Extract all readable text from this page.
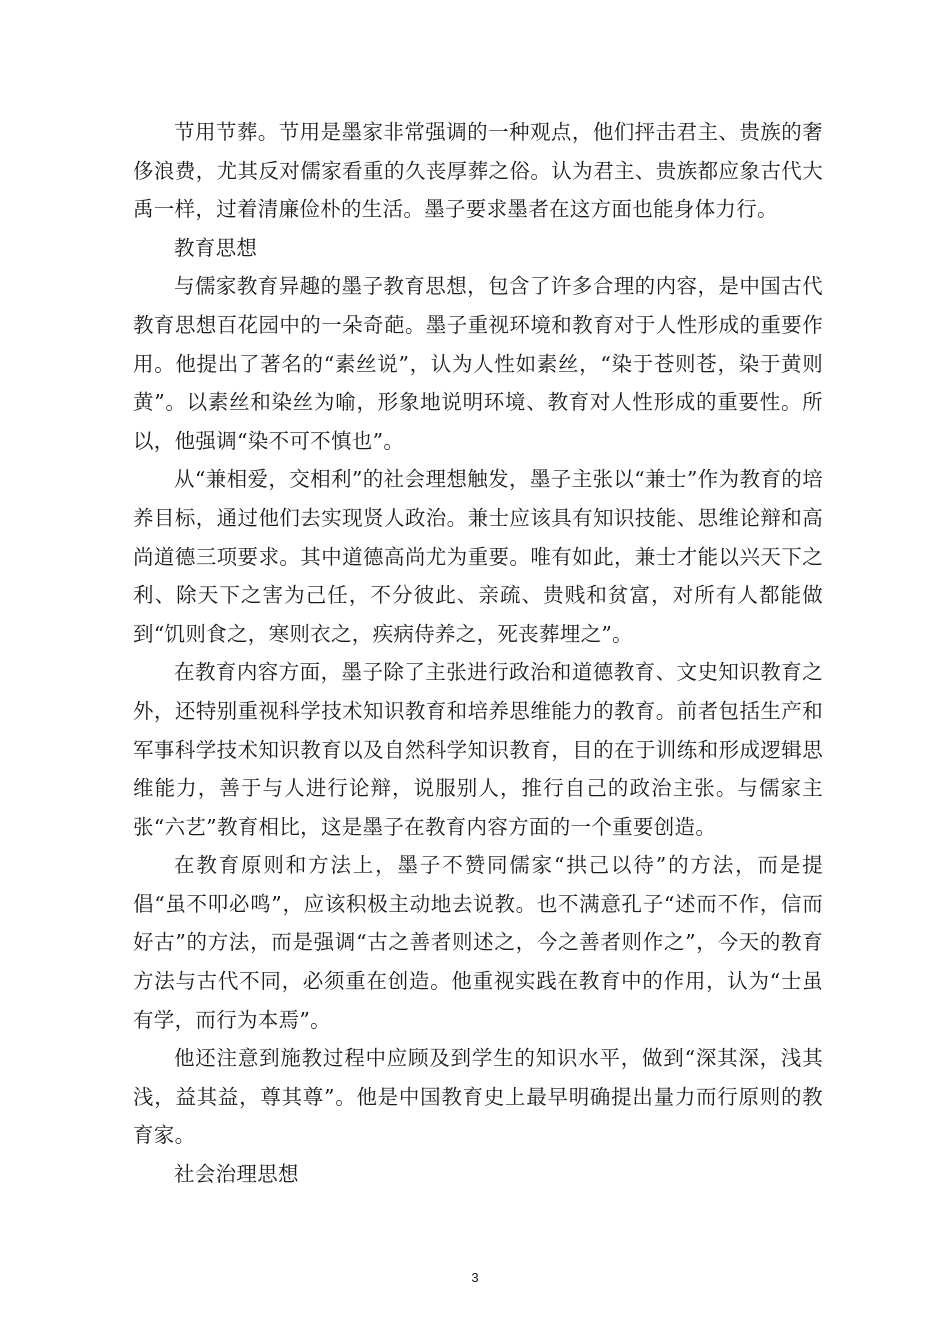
节用节葬。节用是墨家非常强调的一种观点，他们抨击君主、贵族的奢侈浪费，尤其反对儒家看重的久丧厚葬之俗。认为君主、贵族都应象古代大禹一样，过着清廉俭朴的生活。墨子要求墨者在这方面也能身体力行。

教育思想

与儒家教育异趣的墨子教育思想，包含了许多合理的内容，是中国古代教育思想百花园中的一朵奇葩。墨子重视环境和教育对于人性形成的重要作用。他提出了著名的“素丝说”，认为人性如素丝，“染于苍则苍，染于黄则黄”。以素丝和染丝为喻，形象地说明环境、教育对人性形成的重要性。所以，他强调“染不可不慎也”。

从“兼相爱，交相利”的社会理想触发，墨子主张以“兼士”作为教育的培养目标，通过他们去实现贤人政治。兼士应该具有知识技能、思维论辩和高尚道德三项要求。其中道德高尚尤为重要。唯有如此，兼士才能以兴天下之利、除天下之害为己任，不分彼此、亲疏、贵贱和贫富，对所有人都能做到“饥则食之，寒则衣之，疾病侍养之，死丧葬埋之”。

在教育内容方面，墨子除了主张进行政治和道德教育、文史知识教育之外，还特别重视科学技术知识教育和培养思维能力的教育。前者包括生产和军事科学技术知识教育以及自然科学知识教育，目的在于训练和形成逻辑思维能力，善于与人进行论辩，说服别人，推行自己的政治主张。与儒家主张“六艺”教育相比，这是墨子在教育内容方面的一个重要创造。

在教育原则和方法上，墨子不赞同儒家“拱己以待”的方法，而是提倡“虽不叩必鸣”，应该积极主动地去说教。也不满意孔子“述而不作，信而好古”的方法，而是强调“古之善者则述之，今之善者则作之”，今天的教育方法与古代不同，必须重在创造。他重视实践在教育中的作用，认为“士虽有学，而行为本焉”。

他还注意到施教过程中应顾及到学生的知识水平，做到“深其深，浅其浅，益其益，尊其尊”。他是中国教育史上最早明确提出量力而行原则的教育家。

社会治理思想

3
